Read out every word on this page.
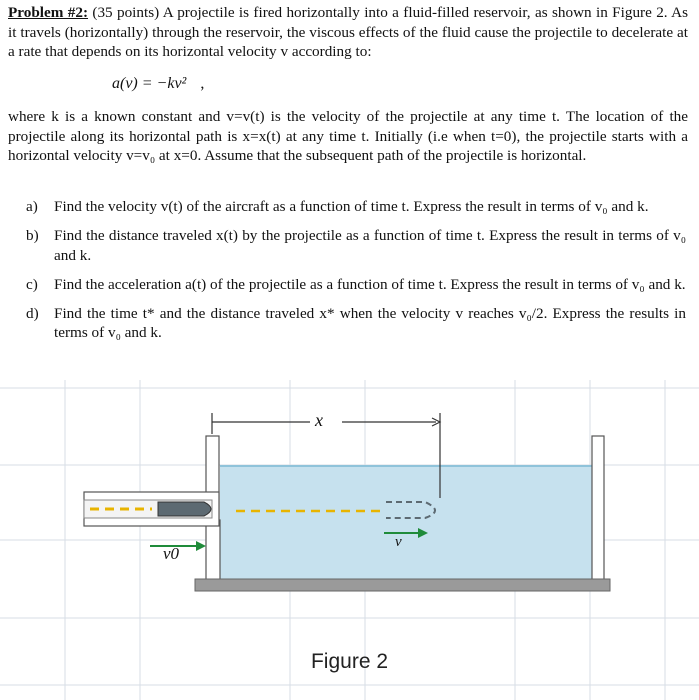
Problem #2: (35 points) A projectile is fired horizontally into a fluid-filled reservoir, as shown in Figure 2. As it travels (horizontally) through the reservoir, the viscous effects of the fluid cause the projectile to decelerate at a rate that depends on its horizontal velocity v according to:
a(v) = −kv² ,
where k is a known constant and v=v(t) is the velocity of the projectile at any time t. The location of the projectile along its horizontal path is x=x(t) at any time t. Initially (i.e when t=0), the projectile starts with a horizontal velocity v=v₀ at x=0. Assume that the subsequent path of the projectile is horizontal.
a)	Find the velocity v(t) of the aircraft as a function of time t. Express the result in terms of v₀ and k.
b)	Find the distance traveled x(t) by the projectile as a function of time t. Express the result in terms of v₀ and k.
c)	Find the acceleration a(t) of the projectile as a function of time t. Express the result in terms of v₀ and k.
d)	Find the time t* and the distance traveled x* when the velocity v reaches v₀/2. Express the results in terms of v₀ and k.
x
v
v0
Figure 2
